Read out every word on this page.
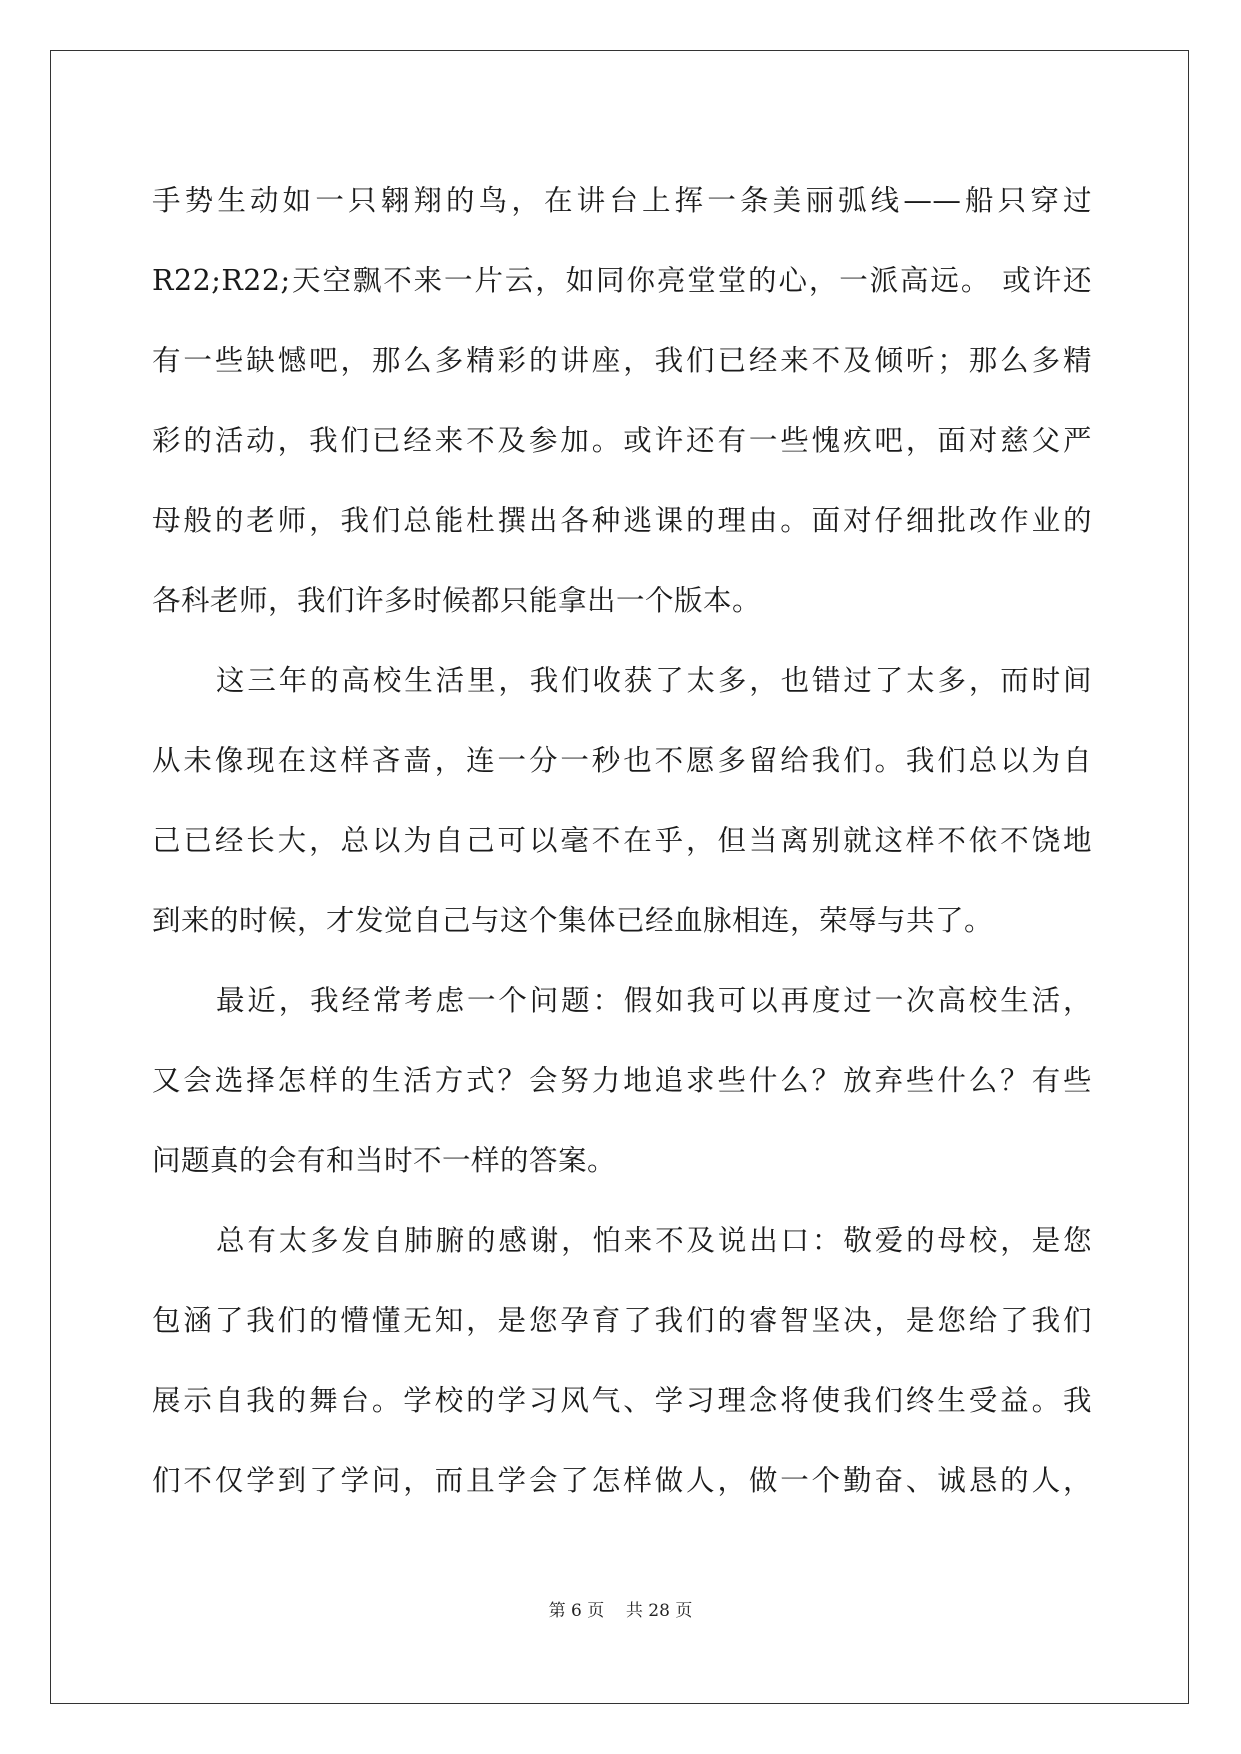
手势生动如一只翱翔的鸟，在讲台上挥一条美丽弧线——船只穿过
R22;R22;天空飘不来一片云，如同你亮堂堂的心，一派高远。 或许还
有一些缺憾吧，那么多精彩的讲座，我们已经来不及倾听；那么多精
彩的活动，我们已经来不及参加。或许还有一些愧疚吧，面对慈父严
母般的老师，我们总能杜撰出各种逃课的理由。面对仔细批改作业的
各科老师，我们许多时候都只能拿出一个版本。
这三年的高校生活里，我们收获了太多，也错过了太多，而时间
从未像现在这样吝啬，连一分一秒也不愿多留给我们。我们总以为自
己已经长大，总以为自己可以毫不在乎，但当离别就这样不依不饶地
到来的时候，才发觉自己与这个集体已经血脉相连，荣辱与共了。
最近，我经常考虑一个问题：假如我可以再度过一次高校生活，
又会选择怎样的生活方式？会努力地追求些什么？放弃些什么？有些
问题真的会有和当时不一样的答案。
总有太多发自肺腑的感谢，怕来不及说出口：敬爱的母校，是您
包涵了我们的懵懂无知，是您孕育了我们的睿智坚决，是您给了我们
展示自我的舞台。学校的学习风气、学习理念将使我们终生受益。我
们不仅学到了学问，而且学会了怎样做人，做一个勤奋、诚恳的人，
第 6 页    共 28 页
